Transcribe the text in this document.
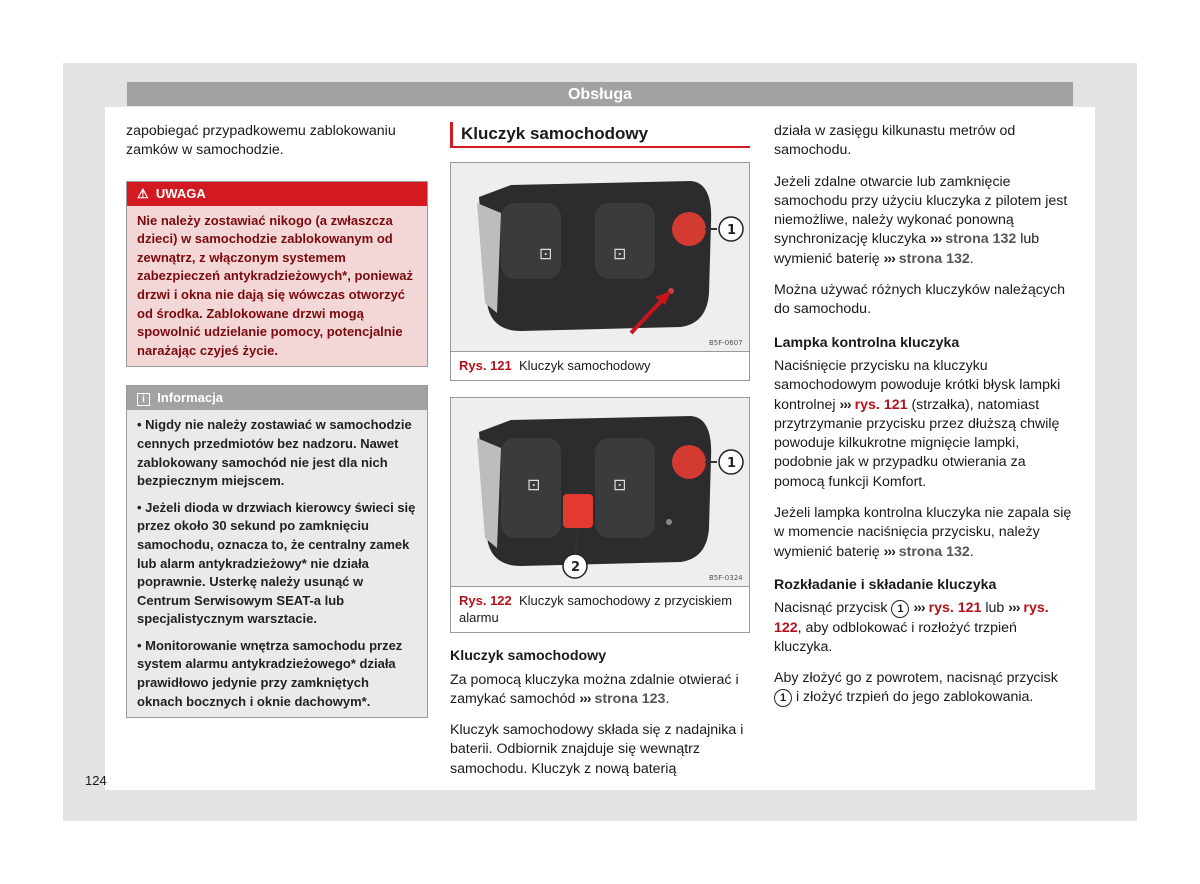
Obsługa

zapobiegać przypadkowemu zablokowaniu zamków w samochodzie.

⚠ UWAGA
Nie należy zostawiać nikogo (a zwłaszcza dzieci) w samochodzie zablokowanym od zewnątrz, z włączonym systemem zabezpieczeń antykradzieżowych*, ponieważ drzwi i okna nie dają się wówczas otworzyć od środka. Zablokowane drzwi mogą spowolnić udzielanie pomocy, potencjalnie narażając czyjeś życie.
i Informacja

• Nigdy nie należy zostawiać w samochodzie cennych przedmiotów bez nadzoru. Nawet zablokowany samochód nie jest dla nich bezpiecznym miejscem.

• Jeżeli dioda w drzwiach kierowcy świeci się przez około 30 sekund po zamknięciu samochodu, oznacza to, że centralny zamek lub alarm antykradzieżowy* nie działa poprawnie. Usterkę należy usunąć w Centrum Serwisowym SEAT-a lub specjalistycznym warsztacie.

• Monitorowanie wnętrza samochodu przez system alarmu antykradzieżowego* działa prawidłowo jedynie przy zamkniętych oknach bocznych i oknie dachowym*.

Kluczyk samochodowy
⊡	⊡
1
B5F-0607
Rys. 121 Kluczyk samochodowy
⊡	⊡
1
2
B5F-0324
Rys. 122 Kluczyk samochodowy z przyciskiem alarmu
Kluczyk samochodowy

Za pomocą kluczyka można zdalnie otwierać i zamykać samochód ››› strona 123.

Kluczyk samochodowy składa się z nadajnika i baterii. Odbiornik znajduje się wewnątrz samochodu. Kluczyk z nową baterią

działa w zasięgu kilkunastu metrów od samochodu.

Jeżeli zdalne otwarcie lub zamknięcie samochodu przy użyciu kluczyka z pilotem jest niemożliwe, należy wykonać ponowną synchronizację kluczyka ››› strona 132 lub wymienić baterię ››› strona 132.

Można używać różnych kluczyków należących do samochodu.

Lampka kontrolna kluczyka

Naciśnięcie przycisku na kluczyku samochodowym powoduje krótki błysk lampki kontrolnej ››› rys. 121 (strzałka), natomiast przytrzymanie przycisku przez dłuższą chwilę powoduje kilkukrotne mignięcie lampki, podobnie jak w przypadku otwierania za pomocą funkcji Komfort.

Jeżeli lampka kontrolna kluczyka nie zapala się w momencie naciśnięcia przycisku, należy wymienić baterię ››› strona 132.

Rozkładanie i składanie kluczyka

Nacisnąć przycisk 1 ››› rys. 121 lub ››› rys. 122, aby odblokować i rozłożyć trzpień kluczyka.

Aby złożyć go z powrotem, nacisnąć przycisk 1 i złożyć trzpień do jego zablokowania.

124
